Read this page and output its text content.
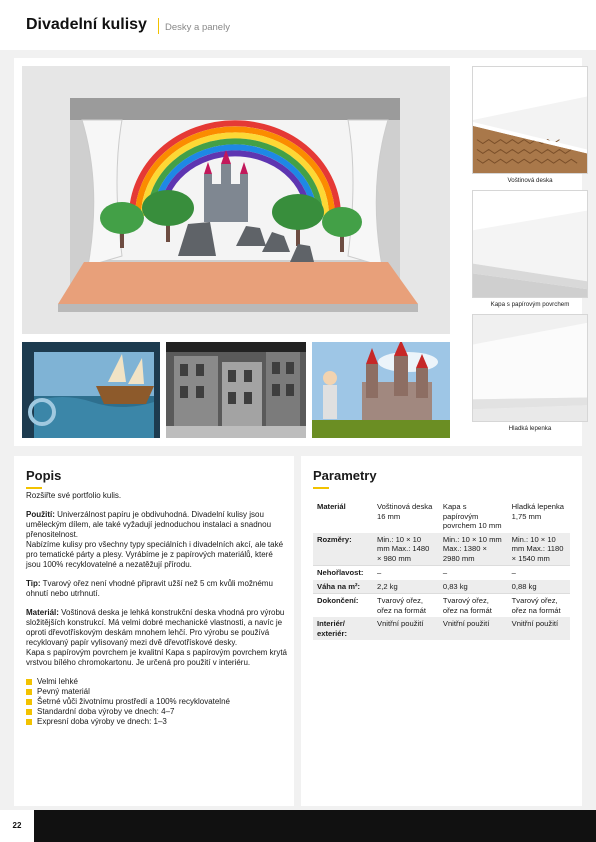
Divadelní kulisy Desky a panely
Voštinová deska
Kapa s papírovým povrchem
Hladká lepenka
Popis

Rozšiřte své portfolio kulis.

Použití: Univerzálnost papíru je obdivuhodná. Divadelní kulisy jsou uměleckým dílem, ale také vyžadují jednoduchou instalaci a snadnou přenositelnost.
Nabízíme kulisy pro všechny typy speciálních i divadelních akcí, ale také pro tematické párty a plesy. Vyrábíme je z papírových materiálů, které jsou 100% recyklovatelné a nezatěžují přírodu.

Tip: Tvarový ořez není vhodné připravit užší než 5 cm kvůli možnému ohnutí nebo utrhnutí.

Materiál: Voštinová deska je lehká konstrukční deska vhodná pro výrobu složitějších konstrukcí. Má velmi dobré mechanické vlastnosti, a navíc je oproti dřevotřískovým deskám mnohem lehčí. Pro výrobu se používá recyklovaný papír vylisovaný mezi dvě dřevotřískové desky.
Kapa s papírovým povrchem je kvalitní Kapa s papírovým povrchem krytá vrstvou bílého chromokartonu. Je určená pro použití v interiéru.

Velmi lehké
Pevný materiál
Šetrné vůči životnímu prostředí a 100% recyklovatelné
Standardní doba výroby ve dnech: 4–7
Expresní doba výroby ve dnech: 1–3
Parametry
Materiál	Voštinová deska 16 mm	Kapa s papírovým povrchem 10 mm	Hladká lepenka 1,75 mm
Rozměry:	Min.: 10 × 10 mm Max.: 1480 × 980 mm	Min.: 10 × 10 mm Max.: 1380 × 2980 mm	Min.: 10 × 10 mm Max.: 1180 × 1540 mm
Nehořlavost:	–	–	–
Váha na m²:	2,2 kg	0,83 kg	0,88 kg
Dokončení:	Tvarový ořez, ořez na formát	Tvarový ořez, ořez na formát	Tvarový ořez, ořez na formát
Interiér/ exteriér:	Vnitřní použití	Vnitřní použití	Vnitřní použití
22
